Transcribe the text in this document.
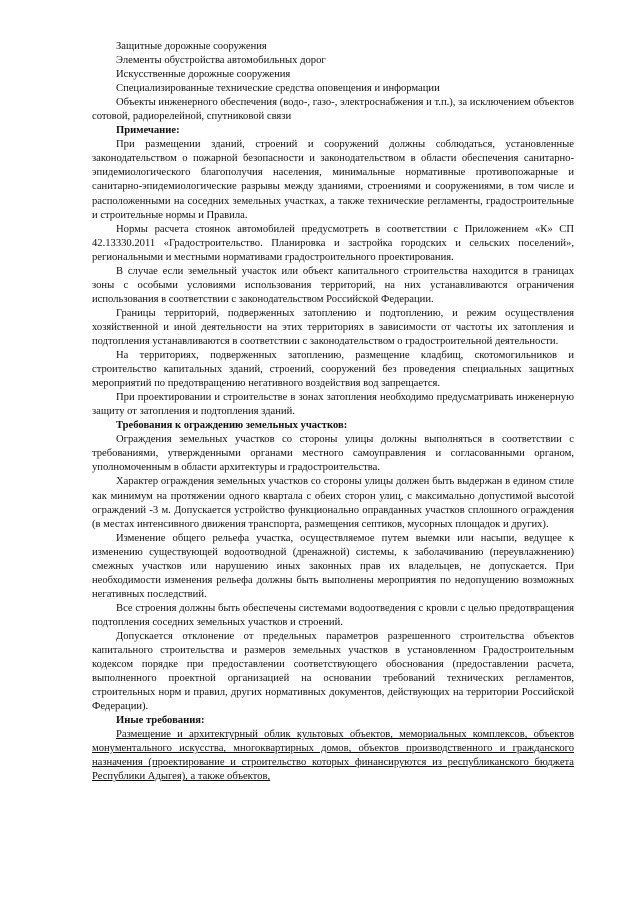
Защитные дорожные сооружения

Элементы обустройства автомобильных дорог

Искусственные дорожные сооружения

Специализированные технические средства оповещения и информации

Объекты инженерного обеспечения (водо-, газо-, электроснабжения и т.п.), за исключением объектов сотовой, радиорелейной, спутниковой связи

Примечание:

При размещении зданий, строений и сооружений должны соблюдаться, установленные законодательством о пожарной безопасности и законодательством в области обеспечения санитарно-эпидемиологического благополучия населения, минимальные нормативные противопожарные и санитарно-эпидемиологические разрывы между зданиями, строениями и сооружениями, в том числе и расположенными на соседних земельных участках, а также технические регламенты, градостроительные и строительные нормы и Правила.

Нормы расчета стоянок автомобилей предусмотреть в соответствии с Приложением «К» СП 42.13330.2011 «Градостроительство. Планировка и застройка городских и сельских поселений», региональными и местными нормативами градостроительного проектирования.

В случае если земельный участок или объект капитального строительства находится в границах зоны с особыми условиями использования территорий, на них устанавливаются ограничения использования в соответствии с законодательством Российской Федерации.

Границы территорий, подверженных затоплению и подтоплению, и режим осуществления хозяйственной и иной деятельности на этих территориях в зависимости от частоты их затопления и подтопления устанавливаются в соответствии с законодательством о градостроительной деятельности.

На территориях, подверженных затоплению, размещение кладбищ, скотомогильников и строительство капитальных зданий, строений, сооружений без проведения специальных защитных мероприятий по предотвращению негативного воздействия вод запрещается.

При проектировании и строительстве в зонах затопления необходимо предусматривать инженерную защиту от затопления и подтопления зданий.

Требования к ограждению земельных участков:

Ограждения земельных участков со стороны улицы должны выполняться в соответствии с требованиями, утвержденными органами местного самоуправления и согласованными органом, уполномоченным в области архитектуры и градостроительства.

Характер ограждения земельных участков со стороны улицы должен быть выдержан в едином стиле как минимум на протяжении одного квартала с обеих сторон улиц, с максимально допустимой высотой ограждений -3 м. Допускается устройство функционально оправданных участков сплошного ограждения (в местах интенсивного движения транспорта, размещения септиков, мусорных площадок и других).

Изменение общего рельефа участка, осуществляемое путем выемки или насыпи, ведущее к изменению существующей водоотводной (дренажной) системы, к заболачиванию (переувлажнению) смежных участков или нарушению иных законных прав их владельцев, не допускается. При необходимости изменения рельефа должны быть выполнены мероприятия по недопущению возможных негативных последствий.

Все строения должны быть обеспечены системами водоотведения с кровли с целью предотвращения подтопления соседних земельных участков и строений.

Допускается отклонение от предельных параметров разрешенного строительства объектов капитального строительства и размеров земельных участков в установленном Градостроительным кодексом порядке при предоставлении соответствующего обоснования (предоставлении расчета, выполненного проектной организацией на основании требований технических регламентов, строительных норм и правил, других нормативных документов, действующих на территории Российской Федерации).

Иные требования:

Размещение и архитектурный облик культовых объектов, мемориальных комплексов, объектов монументального искусства, многоквартирных домов, объектов производственного и гражданского назначения (проектирование и строительство которых финансируются из республиканского бюджета Республики Адыгея), а также объектов,
